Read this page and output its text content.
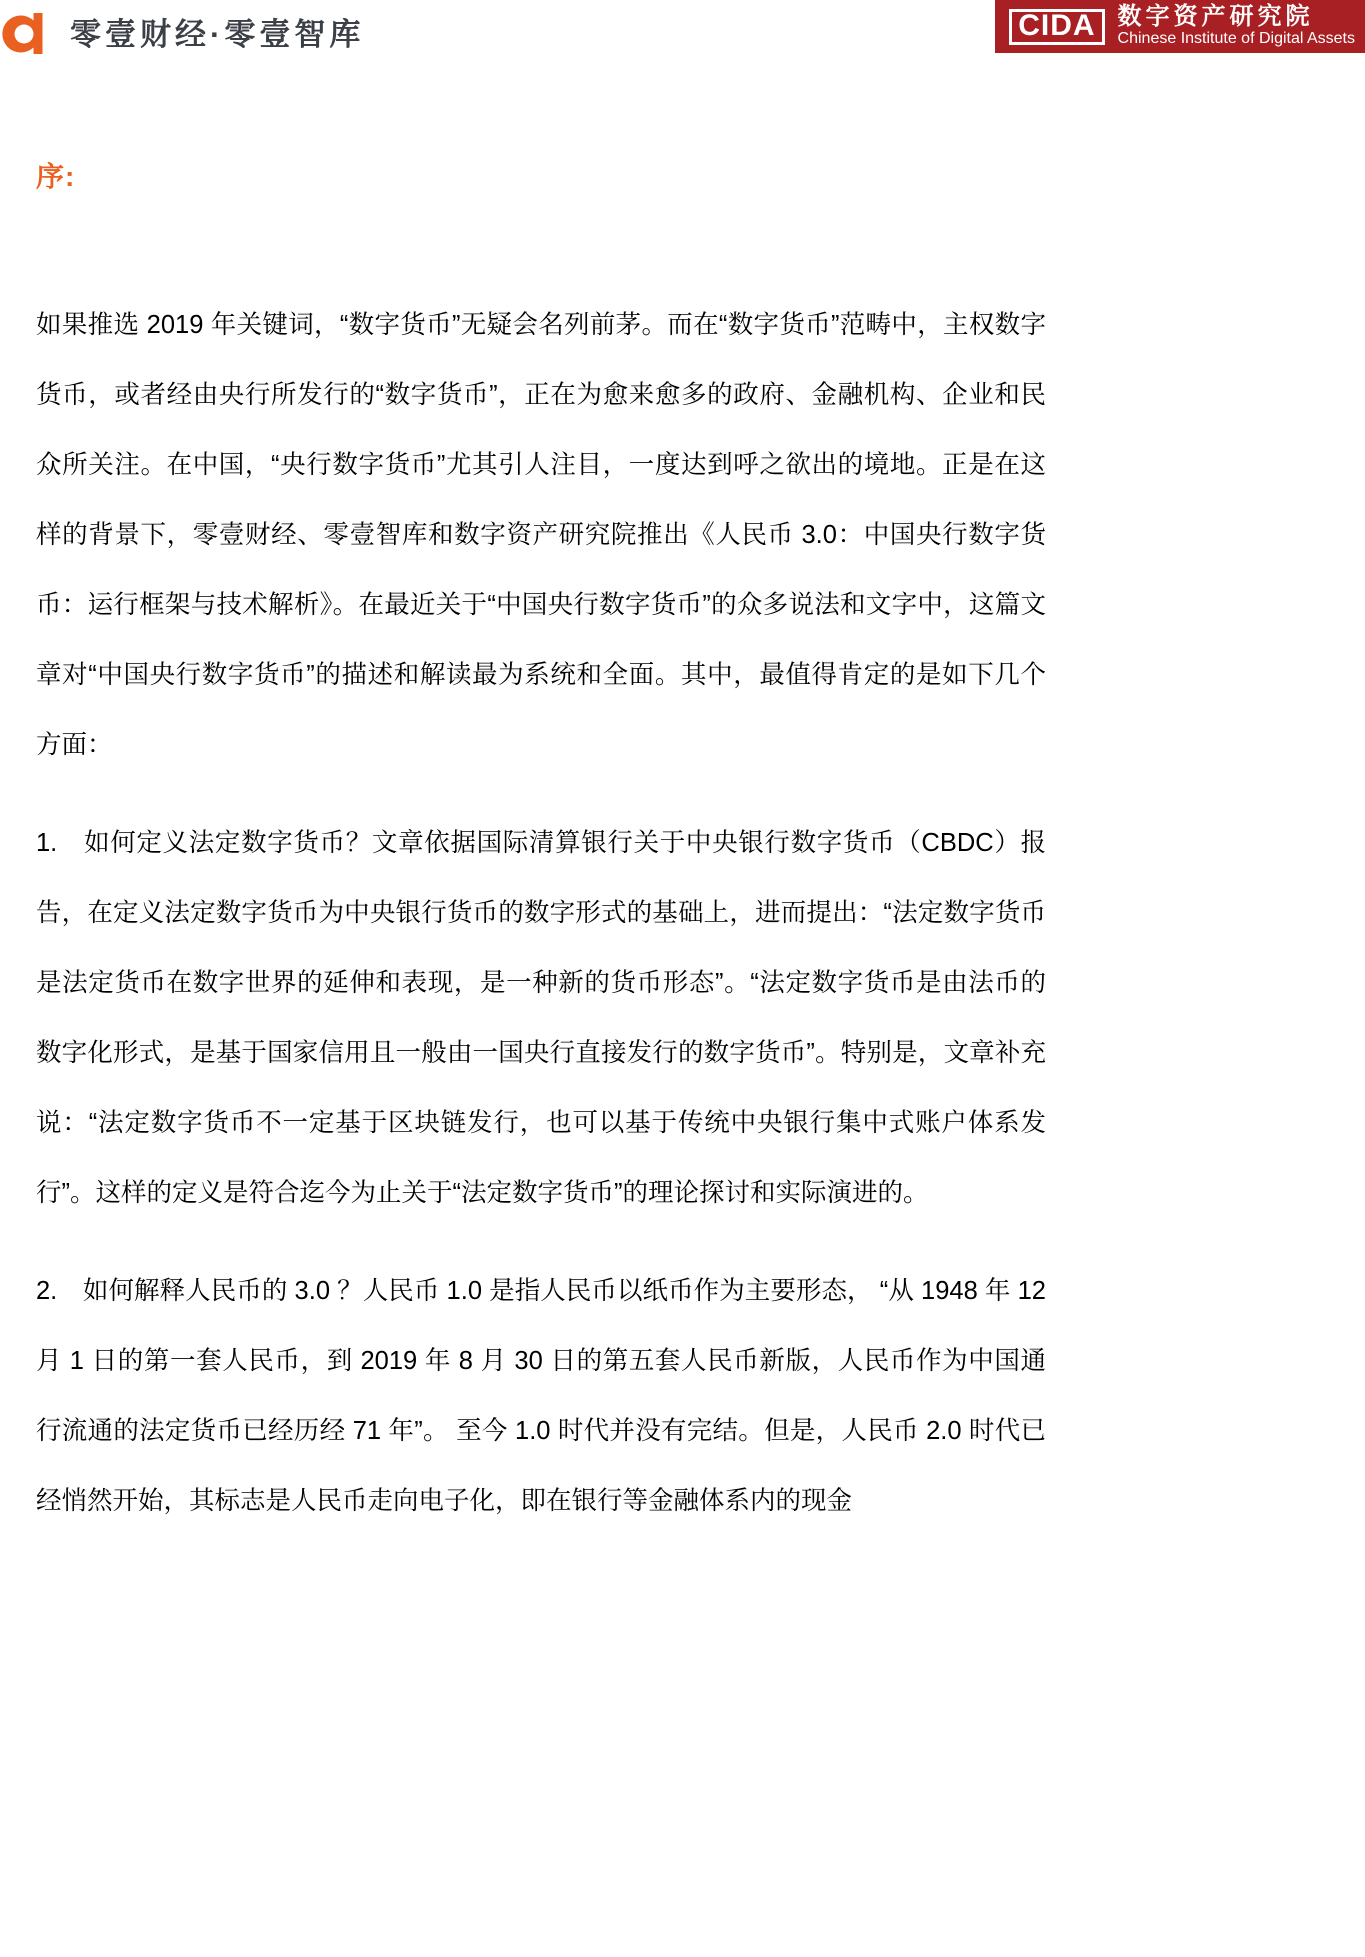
零壹财经·零壹智库	CIDA 数字资产研究院
Chinese Institute of Digital Assets
序:

如果推选 2019 年关键词，“数字货币”无疑会名列前茅。而在“数字货币”范畴中，主权数字货币，或者经由央行所发行的“数字货币”，正在为愈来愈多的政府、金融机构、企业和民众所关注。在中国，“央行数字货币”尤其引人注目，一度达到呼之欲出的境地。正是在这样的背景下，零壹财经、零壹智库和数字资产研究院推出《人民币 3.0：中国央行数字货币：运行框架与技术解析》。在最近关于“中国央行数字货币”的众多说法和文字中，这篇文章对“中国央行数字货币”的描述和解读最为系统和全面。其中，最值得肯定的是如下几个方面：

1.　如何定义法定数字货币？文章依据国际清算银行关于中央银行数字货币（CBDC）报告，在定义法定数字货币为中央银行货币的数字形式的基础上，进而提出：“法定数字货币是法定货币在数字世界的延伸和表现，是一种新的货币形态”。“法定数字货币是由法币的数字化形式，是基于国家信用且一般由一国央行直接发行的数字货币”。特别是，文章补充说：“法定数字货币不一定基于区块链发行，也可以基于传统中央银行集中式账户体系发行”。这样的定义是符合迄今为止关于“法定数字货币”的理论探讨和实际演进的。

2.　如何解释人民币的 3.0 ？人民币 1.0 是指人民币以纸币作为主要形态， “从 1948 年 12 月 1 日的第一套人民币，到 2019 年 8 月 30 日的第五套人民币新版，人民币作为中国通行流通的法定货币已经历经 71 年”。 至今 1.0 时代并没有完结。但是，人民币 2.0 时代已经悄然开始，其标志是人民币走向电子化，即在银行等金融体系内的现金
